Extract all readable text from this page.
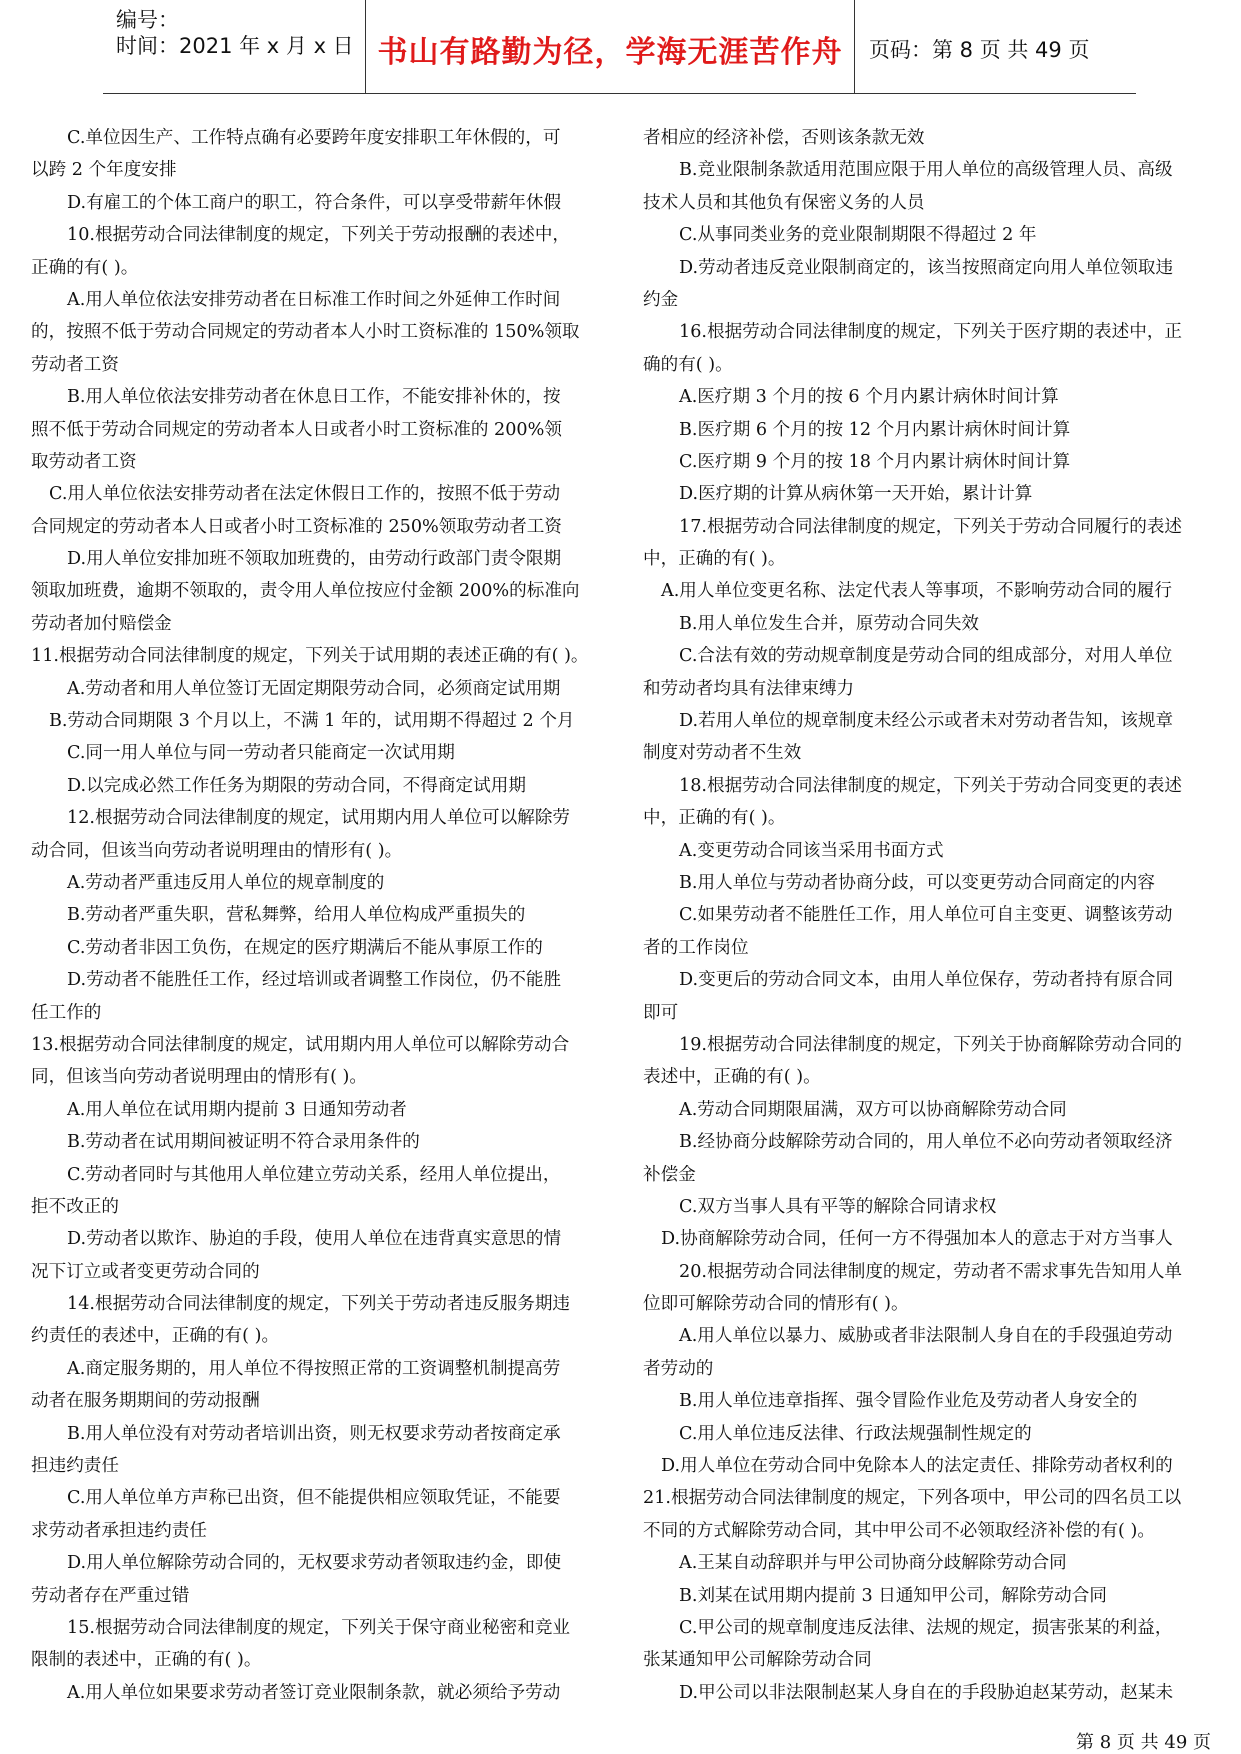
编号：
时间：2021 年 x 月 x 日 书山有路勤为径，学海无涯苦作舟	页码：第 8 页 共 49 页
C.单位因生产、工作特点确有必要跨年度安排职工年休假的，可
以跨 2 个年度安排
D.有雇工的个体工商户的职工，符合条件，可以享受带薪年休假
10.根据劳动合同法律制度的规定，下列关于劳动报酬的表述中，
正确的有( )。
A.用人单位依法安排劳动者在日标准工作时间之外延伸工作时间
的，按照不低于劳动合同规定的劳动者本人小时工资标准的 150%领取
劳动者工资
B.用人单位依法安排劳动者在休息日工作，不能安排补休的，按
照不低于劳动合同规定的劳动者本人日或者小时工资标准的 200%领
取劳动者工资
C.用人单位依法安排劳动者在法定休假日工作的，按照不低于劳动
合同规定的劳动者本人日或者小时工资标准的 250%领取劳动者工资
D.用人单位安排加班不领取加班费的，由劳动行政部门责令限期
领取加班费，逾期不领取的，责令用人单位按应付金额 200%的标准向
劳动者加付赔偿金
11.根据劳动合同法律制度的规定，下列关于试用期的表述正确的有( )。
A.劳动者和用人单位签订无固定期限劳动合同，必须商定试用期
B.劳动合同期限 3 个月以上，不满 1 年的，试用期不得超过 2 个月
C.同一用人单位与同一劳动者只能商定一次试用期
D.以完成必然工作任务为期限的劳动合同，不得商定试用期
12.根据劳动合同法律制度的规定，试用期内用人单位可以解除劳
动合同，但该当向劳动者说明理由的情形有( )。
A.劳动者严重违反用人单位的规章制度的
B.劳动者严重失职，营私舞弊，给用人单位构成严重损失的
C.劳动者非因工负伤，在规定的医疗期满后不能从事原工作的
D.劳动者不能胜任工作，经过培训或者调整工作岗位，仍不能胜
任工作的
13.根据劳动合同法律制度的规定，试用期内用人单位可以解除劳动合
同，但该当向劳动者说明理由的情形有( )。
A.用人单位在试用期内提前 3 日通知劳动者
B.劳动者在试用期间被证明不符合录用条件的
C.劳动者同时与其他用人单位建立劳动关系，经用人单位提出，
拒不改正的
D.劳动者以欺诈、胁迫的手段，使用人单位在违背真实意思的情
况下订立或者变更劳动合同的
14.根据劳动合同法律制度的规定，下列关于劳动者违反服务期违
约责任的表述中，正确的有( )。
A.商定服务期的，用人单位不得按照正常的工资调整机制提高劳
动者在服务期期间的劳动报酬
B.用人单位没有对劳动者培训出资，则无权要求劳动者按商定承
担违约责任
C.用人单位单方声称已出资，但不能提供相应领取凭证，不能要
求劳动者承担违约责任
D.用人单位解除劳动合同的，无权要求劳动者领取违约金，即使
劳动者存在严重过错
15.根据劳动合同法律制度的规定，下列关于保守商业秘密和竞业
限制的表述中，正确的有( )。
A.用人单位如果要求劳动者签订竞业限制条款，就必须给予劳动
者相应的经济补偿，否则该条款无效
B.竞业限制条款适用范围应限于用人单位的高级管理人员、高级
技术人员和其他负有保密义务的人员
C.从事同类业务的竞业限制期限不得超过 2 年
D.劳动者违反竞业限制商定的，该当按照商定向用人单位领取违
约金
16.根据劳动合同法律制度的规定，下列关于医疗期的表述中，正
确的有( )。
A.医疗期 3 个月的按 6 个月内累计病休时间计算
B.医疗期 6 个月的按 12 个月内累计病休时间计算
C.医疗期 9 个月的按 18 个月内累计病休时间计算
D.医疗期的计算从病休第一天开始，累计计算
17.根据劳动合同法律制度的规定，下列关于劳动合同履行的表述
中，正确的有( )。
A.用人单位变更名称、法定代表人等事项，不影响劳动合同的履行
B.用人单位发生合并，原劳动合同失效
C.合法有效的劳动规章制度是劳动合同的组成部分，对用人单位
和劳动者均具有法律束缚力
D.若用人单位的规章制度未经公示或者未对劳动者告知，该规章
制度对劳动者不生效
18.根据劳动合同法律制度的规定，下列关于劳动合同变更的表述
中，正确的有( )。
A.变更劳动合同该当采用书面方式
B.用人单位与劳动者协商分歧，可以变更劳动合同商定的内容
C.如果劳动者不能胜任工作，用人单位可自主变更、调整该劳动
者的工作岗位
D.变更后的劳动合同文本，由用人单位保存，劳动者持有原合同
即可
19.根据劳动合同法律制度的规定，下列关于协商解除劳动合同的
表述中，正确的有( )。
A.劳动合同期限届满，双方可以协商解除劳动合同
B.经协商分歧解除劳动合同的，用人单位不必向劳动者领取经济
补偿金
C.双方当事人具有平等的解除合同请求权
D.协商解除劳动合同，任何一方不得强加本人的意志于对方当事人
20.根据劳动合同法律制度的规定，劳动者不需求事先告知用人单
位即可解除劳动合同的情形有( )。
A.用人单位以暴力、威胁或者非法限制人身自在的手段强迫劳动
者劳动的
B.用人单位违章指挥、强令冒险作业危及劳动者人身安全的
C.用人单位违反法律、行政法规强制性规定的
D.用人单位在劳动合同中免除本人的法定责任、排除劳动者权利的
21.根据劳动合同法律制度的规定，下列各项中，甲公司的四名员工以
不同的方式解除劳动合同，其中甲公司不必领取经济补偿的有( )。
A.王某自动辞职并与甲公司协商分歧解除劳动合同
B.刘某在试用期内提前 3 日通知甲公司，解除劳动合同
C.甲公司的规章制度违反法律、法规的规定，损害张某的利益，
张某通知甲公司解除劳动合同
D.甲公司以非法限制赵某人身自在的手段胁迫赵某劳动，赵某未
第 8 页 共 49 页
